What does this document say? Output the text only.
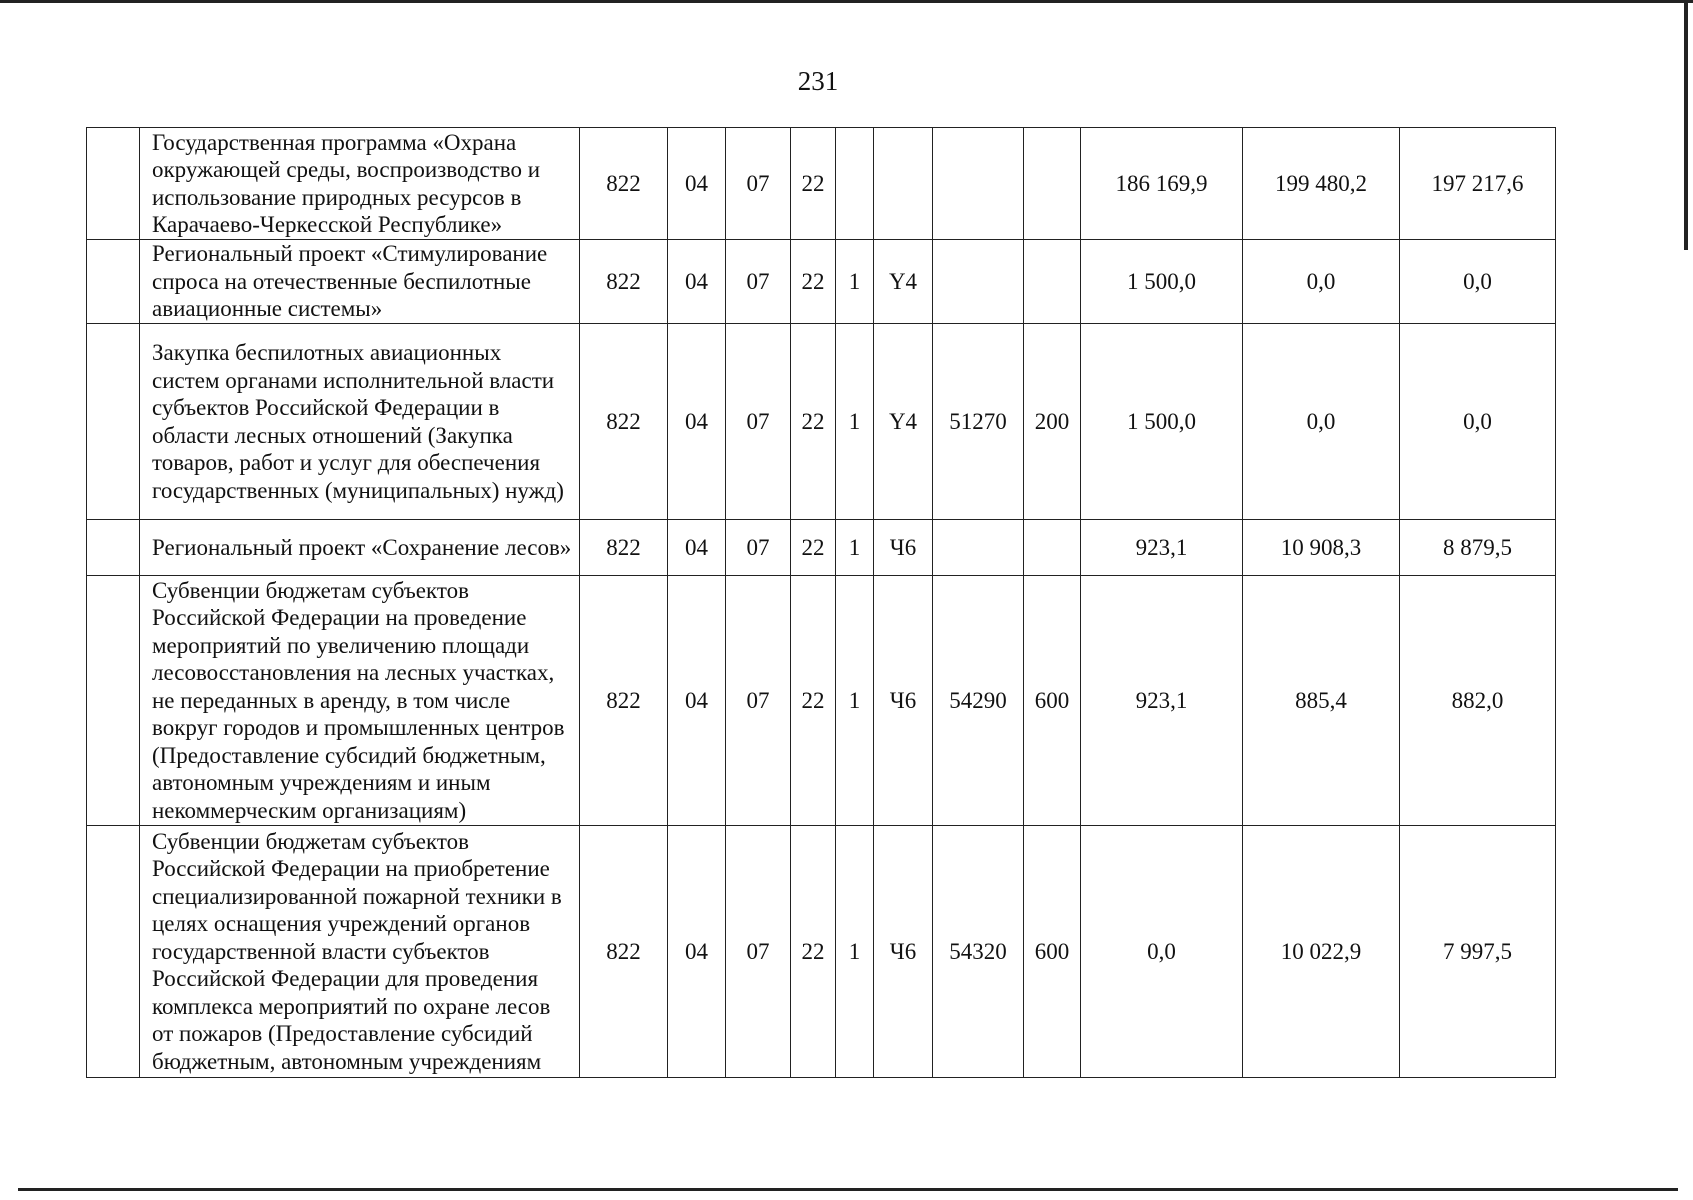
231
	Государственная программа «Охрана окружающей среды, воспроизводство и использование природных ресурсов в Карачаево-Черкесской Республике»	822	04	07	22					186 169,9	199 480,2	197 217,6
	Региональный проект «Стимулирование спроса на отечественные беспилотные авиационные системы»	822	04	07	22	1	Y4			1 500,0	0,0	0,0
	Закупка беспилотных авиационных систем органами исполнительной власти субъектов Российской Федерации в области лесных отношений (Закупка товаров, работ и услуг для обеспечения государственных (муниципальных) нужд)	822	04	07	22	1	Y4	51270	200	1 500,0	0,0	0,0
	Региональный проект «Сохранение лесов»	822	04	07	22	1	Ч6			923,1	10 908,3	8 879,5
	Субвенции бюджетам субъектов Российской Федерации на проведение мероприятий по увеличению площади лесовосстановления на лесных участках, не переданных в аренду, в том числе вокруг городов и промышленных центров (Предоставление субсидий бюджетным, автономным учреждениям и иным некоммерческим организациям)	822	04	07	22	1	Ч6	54290	600	923,1	885,4	882,0
	Субвенции бюджетам субъектов Российской Федерации на приобретение специализированной пожарной техники в целях оснащения учреждений органов государственной власти субъектов Российской Федерации для проведения комплекса мероприятий по охране лесов от пожаров (Предоставление субсидий бюджетным, автономным учреждениям	822	04	07	22	1	Ч6	54320	600	0,0	10 022,9	7 997,5
